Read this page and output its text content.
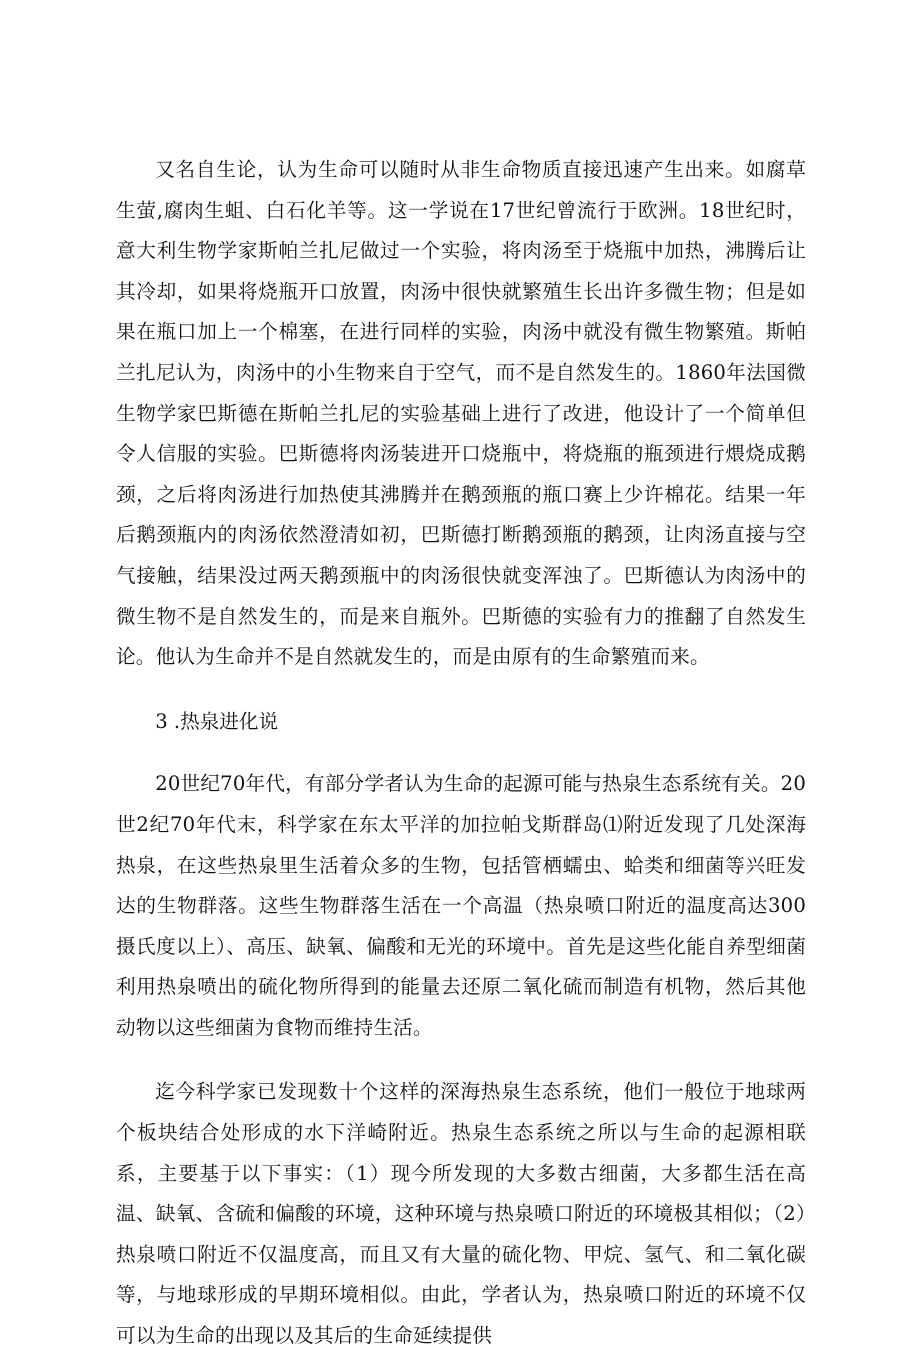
又名自生论，认为生命可以随时从非生命物质直接迅速产生出来。如腐草生萤,腐肉生蛆、白石化羊等。这一学说在17世纪曾流行于欧洲。18世纪时，意大利生物学家斯帕兰扎尼做过一个实验，将肉汤至于烧瓶中加热，沸腾后让其冷却，如果将烧瓶开口放置，肉汤中很快就繁殖生长出许多微生物；但是如果在瓶口加上一个棉塞，在进行同样的实验，肉汤中就没有微生物繁殖。斯帕兰扎尼认为，肉汤中的小生物来自于空气，而不是自然发生的。1860年法国微生物学家巴斯德在斯帕兰扎尼的实验基础上进行了改进，他设计了一个简单但令人信服的实验。巴斯德将肉汤装进开口烧瓶中，将烧瓶的瓶颈进行煨烧成鹅颈，之后将肉汤进行加热使其沸腾并在鹅颈瓶的瓶口赛上少许棉花。结果一年后鹅颈瓶内的肉汤依然澄清如初，巴斯德打断鹅颈瓶的鹅颈，让肉汤直接与空气接触，结果没过两天鹅颈瓶中的肉汤很快就变浑浊了。巴斯德认为肉汤中的微生物不是自然发生的，而是来自瓶外。巴斯德的实验有力的推翻了自然发生论。他认为生命并不是自然就发生的，而是由原有的生命繁殖而来。

3 .热泉进化说

20世纪70年代，有部分学者认为生命的起源可能与热泉生态系统有关。20世2纪70年代末，科学家在东太平洋的加拉帕戈斯群岛⑴附近发现了几处深海热泉，在这些热泉里生活着众多的生物，包括管栖蠕虫、蛤类和细菌等兴旺发达的生物群落。这些生物群落生活在一个高温（热泉喷口附近的温度高达300摄氏度以上）、高压、缺氧、偏酸和无光的环境中。首先是这些化能自养型细菌利用热泉喷出的硫化物所得到的能量去还原二氧化硫而制造有机物，然后其他动物以这些细菌为食物而维持生活。

迄今科学家已发现数十个这样的深海热泉生态系统，他们一般位于地球两个板块结合处形成的水下洋崎附近。热泉生态系统之所以与生命的起源相联系，主要基于以下事实：（1）现今所发现的大多数古细菌，大多都生活在高温、缺氧、含硫和偏酸的环境，这种环境与热泉喷口附近的环境极其相似；（2）热泉喷口附近不仅温度高，而且又有大量的硫化物、甲烷、氢气、和二氧化碳等，与地球形成的早期环境相似。由此，学者认为，热泉喷口附近的环境不仅可以为生命的出现以及其后的生命延续提供
